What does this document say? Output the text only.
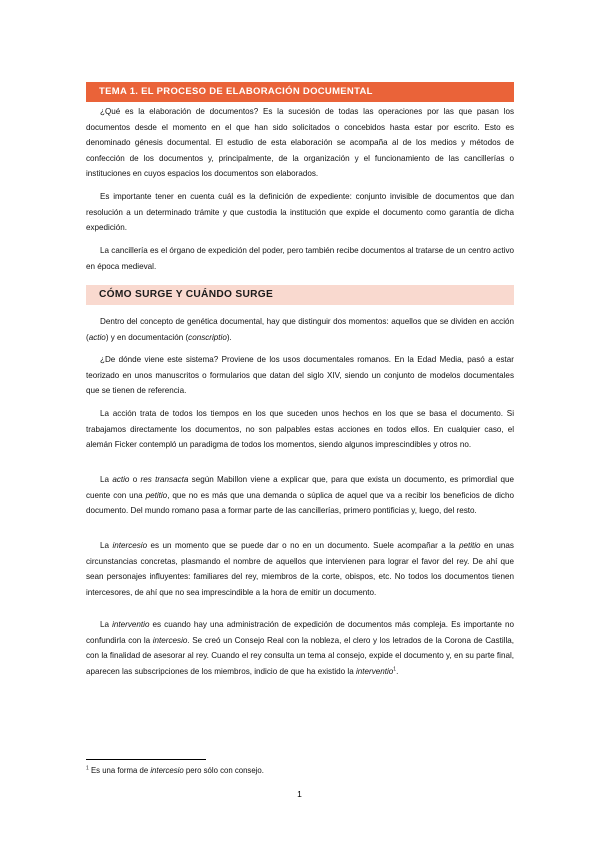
TEMA 1. EL PROCESO DE ELABORACIÓN DOCUMENTAL

¿Qué es la elaboración de documentos? Es la sucesión de todas las operaciones por las que pasan los documentos desde el momento en el que han sido solicitados o concebidos hasta estar por escrito. Esto es denominado génesis documental. El estudio de esta elaboración se acompaña al de los medios y métodos de confección de los documentos y, principalmente, de la organización y el funcionamiento de las cancillerías o instituciones en cuyos espacios los documentos son elaborados.

Es importante tener en cuenta cuál es la definición de expediente: conjunto invisible de documentos que dan resolución a un determinado trámite y que custodia la institución que expide el documento como garantía de dicha expedición.

La cancillería es el órgano de expedición del poder, pero también recibe documentos al tratarse de un centro activo en época medieval.

CÓMO SURGE Y CUÁNDO SURGE

Dentro del concepto de genética documental, hay que distinguir dos momentos: aquellos que se dividen en acción (actio) y en documentación (conscriptio).

¿De dónde viene este sistema? Proviene de los usos documentales romanos. En la Edad Media, pasó a estar teorizado en unos manuscritos o formularios que datan del siglo XIV, siendo un conjunto de modelos documentales que se tienen de referencia.

La acción trata de todos los tiempos en los que suceden unos hechos en los que se basa el documento. Si trabajamos directamente los documentos, no son palpables estas acciones en todos ellos. En cualquier caso, el alemán Ficker contempló un paradigma de todos los momentos, siendo algunos imprescindibles y otros no.

La actio o res transacta según Mabillon viene a explicar que, para que exista un documento, es primordial que cuente con una petitio, que no es más que una demanda o súplica de aquel que va a recibir los beneficios de dicho documento. Del mundo romano pasa a formar parte de las cancillerías, primero pontificias y, luego, del resto.

La intercesio es un momento que se puede dar o no en un documento. Suele acompañar a la petitio en unas circunstancias concretas, plasmando el nombre de aquellos que intervienen para lograr el favor del rey. De ahí que sean personajes influyentes: familiares del rey, miembros de la corte, obispos, etc. No todos los documentos tienen intercesores, de ahí que no sea imprescindible a la hora de emitir un documento.

La interventio es cuando hay una administración de expedición de documentos más compleja. Es importante no confundirla con la intercesio. Se creó un Consejo Real con la nobleza, el clero y los letrados de la Corona de Castilla, con la finalidad de asesorar al rey. Cuando el rey consulta un tema al consejo, expide el documento y, en su parte final, aparecen las subscripciones de los miembros, indicio de que ha existido la interventio$^1$.

$^1$ Es una forma de intercesio pero sólo con consejo.
1
